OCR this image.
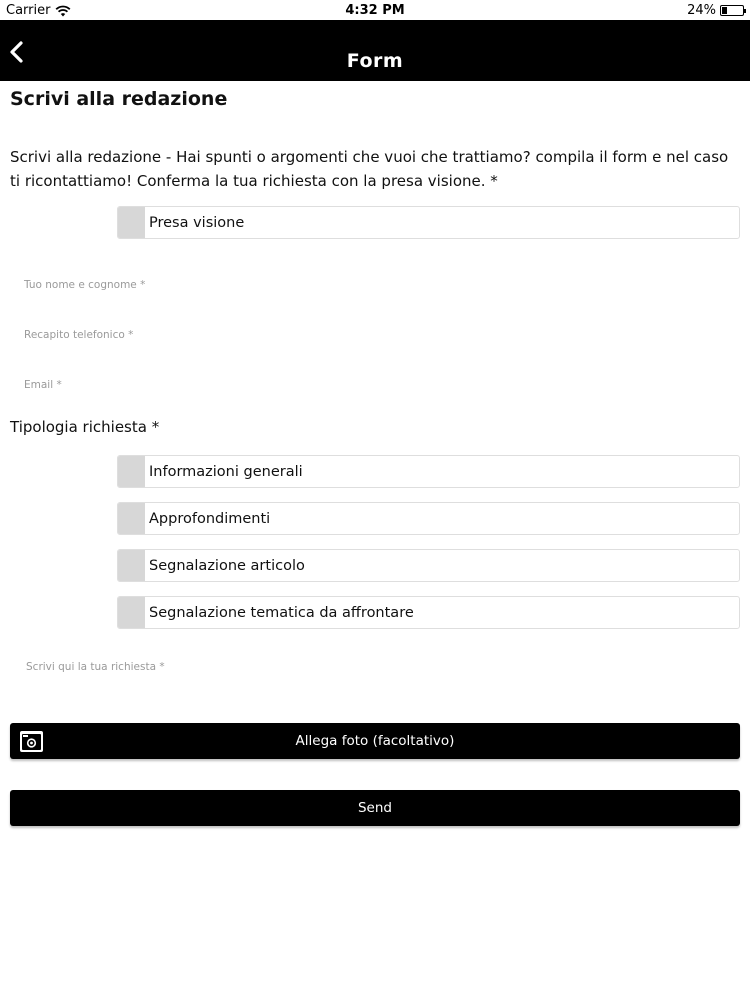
Carrier	4:32 PM	24%
Form
Scrivi alla redazione
Scrivi alla redazione - Hai spunti o argomenti che vuoi che trattiamo? compila il form e nel caso ti ricontattiamo! Conferma la tua richiesta con la presa visione. *
Presa visione
Tuo nome e cognome *
Recapito telefonico *
Email *
Tipologia richiesta *
Informazioni generali
Approfondimenti
Segnalazione articolo
Segnalazione tematica da affrontare
Scrivi qui la tua richiesta *
Allega foto (facoltativo)
Send
